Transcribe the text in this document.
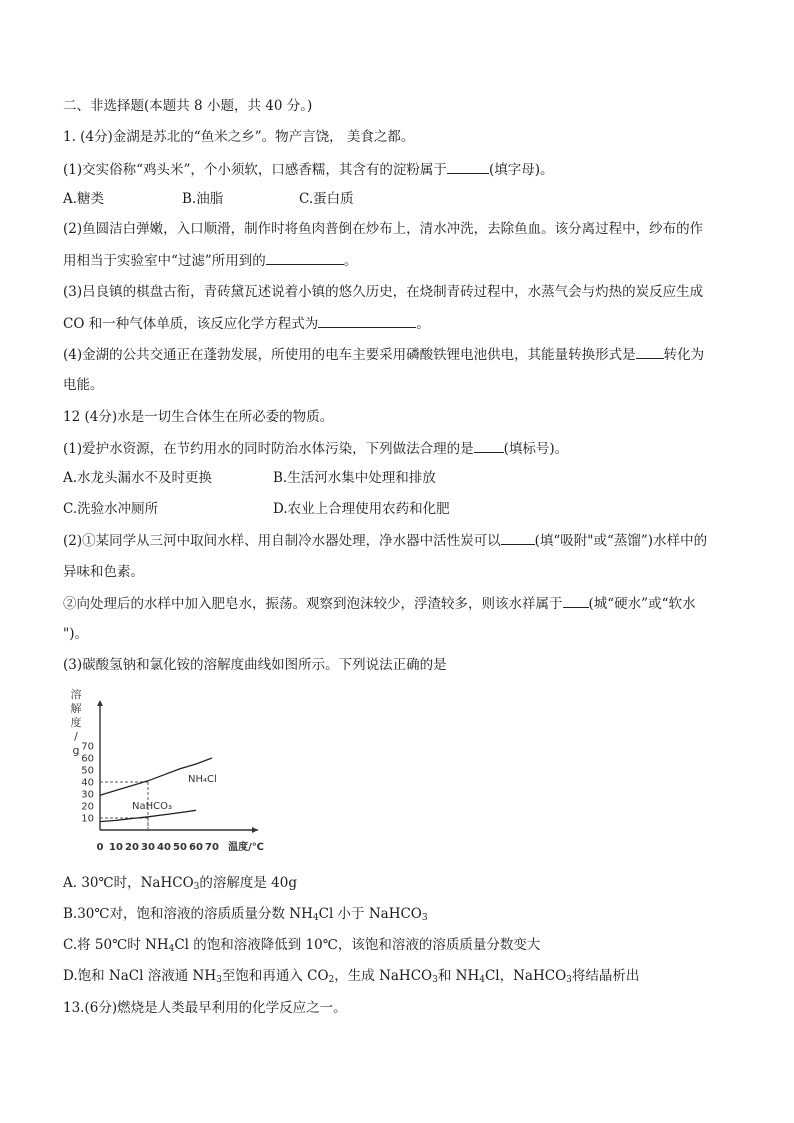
二、非选择题(本题共 8 小题，共 40 分。)
1. (4分)金湖是苏北的“鱼米之乡”。物产言饶， 美食之都。
(1)交实俗称“鸡头米”，个小须软，口感香糯，其含有的淀粉属于	(填字母)。
A.糖类	B.油脂	C.蛋白质
(2)鱼圆洁白弹嫩，入口顺滑，制作时将鱼肉普倒在炒布上，清水冲洗，去除鱼血。该分离过程中，纱布的作
用相当于实验室中“过滤”所用到的	。
(3)吕良镇的棋盘古衔，青砖黛瓦述说着小镇的悠久历史，在烧制青砖过程中，水蒸气会与灼热的炭反应生成
CO 和一种气体单质，该反应化学方程式为	。
(4)金湖的公共交通正在蓬勃发展，所使用的电车主要采用磷酸铁锂电池供电，其能量转换形式是 转化为
电能。
12 (4分)水是一切生合体生在所必委的物质。
(1)爱护水资源，在节约用水的同时防治水体污染，下列做法合理的是 (填标号)。
A.水龙头漏水不及时更换	B.生活河水集中处理和排放
C.洗验水冲厕所	D.农业上合理使用农药和化肥
(2)①某同学从三河中取间水样、用自制冷水器处理，净水器中活性炭可以	(填“吸附"或“蒸馏”)水样中的
异味和色素。
②向处理后的水样中加入肥皂水，振荡。观察到泡沫较少，浮渣较多，则该水祥属于 (城“硬水”或“软水
")。
(3)碳酸氢钠和氯化铵的溶解度曲线如图所示。下列说法正确的是
溶
解
度
/
g
10
20
30
40
50
60
70
0 10 20 30 40 50 60 70 温度/℃
NH₄Cl
NaHCO₃
A. 30℃时，NaHCO$_3$的溶解度是 40g
B.30℃对，饱和溶液的溶质质量分数 $NH_4Cl$ 小于 NaHCO$_3$
C.将 50℃时 $NH_4Cl$ 的饱和溶液降低到 10℃，该饱和溶液的溶质质量分数变大
D.饱和 NaCl 溶液通 $NH_3$至饱和再通入 $CO_2$，生成 NaHCO$_3$和 $NH_4Cl$，NaHCO$_3$将结晶析出
13.(6分)燃烧是人类最早利用的化学反应之一。
